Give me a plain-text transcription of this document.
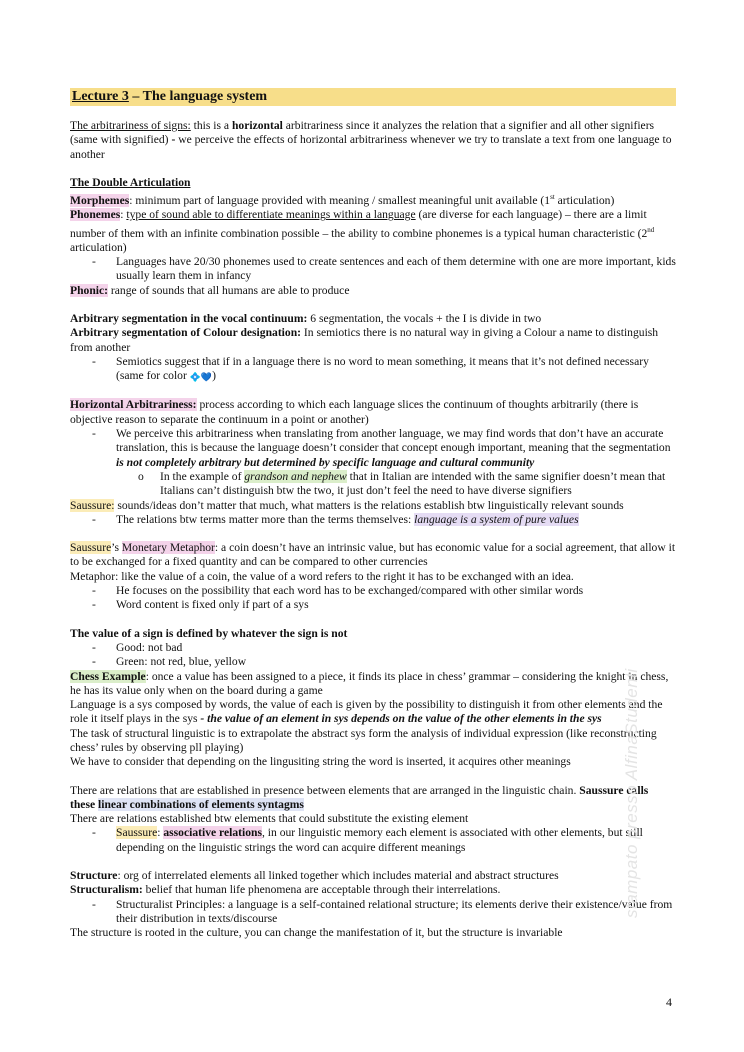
Lecture 3 – The language system

The arbitrariness of signs: this is a horizontal arbitrariness since it analyzes the relation that a signifier and all other signifiers (same with signified) - we perceive the effects of horizontal arbitrariness whenever we try to translate a text from one language to another

The Double Articulation

Morphemes: minimum part of language provided with meaning / smallest meaningful unit available (1st articulation)

Phonemes: type of sound able to differentiate meanings within a language (are diverse for each language) – there are a limit number of them with an infinite combination possible – the ability to combine phonemes is a typical human characteristic (2nd articulation)

- Languages have 20/30 phonemes used to create sentences and each of them determine with one are more important, kids usually learn them in infancy

Phonic: range of sounds that all humans are able to produce

Arbitrary segmentation in the vocal continuum: 6 segmentation, the vocals + the I is divide in two

Arbitrary segmentation of Colour designation: In semiotics there is no natural way in giving a Colour a name to distinguish from another

- Semiotics suggest that if in a language there is no word to mean something, it means that it’s not defined necessary (same for color 💠💙)

Horizontal Arbitrariness: process according to which each language slices the continuum of thoughts arbitrarily (there is objective reason to separate the continuum in a point or another)

- We perceive this arbitrariness when translating from another language, we may find words that don’t have an accurate translation, this is because the language doesn’t consider that concept enough important, meaning that the segmentation is not completely arbitrary but determined by specific language and cultural community

o In the example of grandson and nephew that in Italian are intended with the same signifier doesn’t mean that Italians can’t distinguish btw the two, it just don’t feel the need to have diverse signifiers

Saussure: sounds/ideas don’t matter that much, what matters is the relations establish btw linguistically relevant sounds

- The relations btw terms matter more than the terms themselves: language is a system of pure values

Saussure’s Monetary Metaphor: a coin doesn’t have an intrinsic value, but has economic value for a social agreement, that allow it to be exchanged for a fixed quantity and can be compared to other currencies

Metaphor: like the value of a coin, the value of a word refers to the right it has to be exchanged with an idea.

- He focuses on the possibility that each word has to be exchanged/compared with other similar words

- Word content is fixed only if part of a sys

The value of a sign is defined by whatever the sign is not

- Good: not bad

- Green: not red, blue, yellow

Chess Example: once a value has been assigned to a piece, it finds its place in chess’ grammar – considering the knight in chess, he has its value only when on the board during a game

Language is a sys composed by words, the value of each is given by the possibility to distinguish it from other elements and the role it itself plays in the sys - the value of an element in sys depends on the value of the other elements in the sys

The task of structural linguistic is to extrapolate the abstract sys form the analysis of individual expression (like reconstructing chess’ rules by observing pll playing)

We have to consider that depending on the lingusiting string the word is inserted, it acquires other meanings

There are relations that are established in presence between elements that are arranged in the linguistic chain. Saussure calls these linear combinations of elements syntagms

There are relations established btw elements that could substitute the existing element

- Saussure: associative relations, in our linguistic memory each element is associated with other elements, but still depending on the linguistic strings the word can acquire different meanings

Structure: org of interrelated elements all linked together which includes material and abstract structures

Structuralism: belief that human life phenomena are acceptable through their interrelations.

- Structuralist Principles: a language is a self-contained relational structure; its elements derive their existence/value from their distribution in texts/discourse

The structure is rooted in the culture, you can change the manifestation of it, but the structure is invariable

stampato presso AlfinaStudenti
4
